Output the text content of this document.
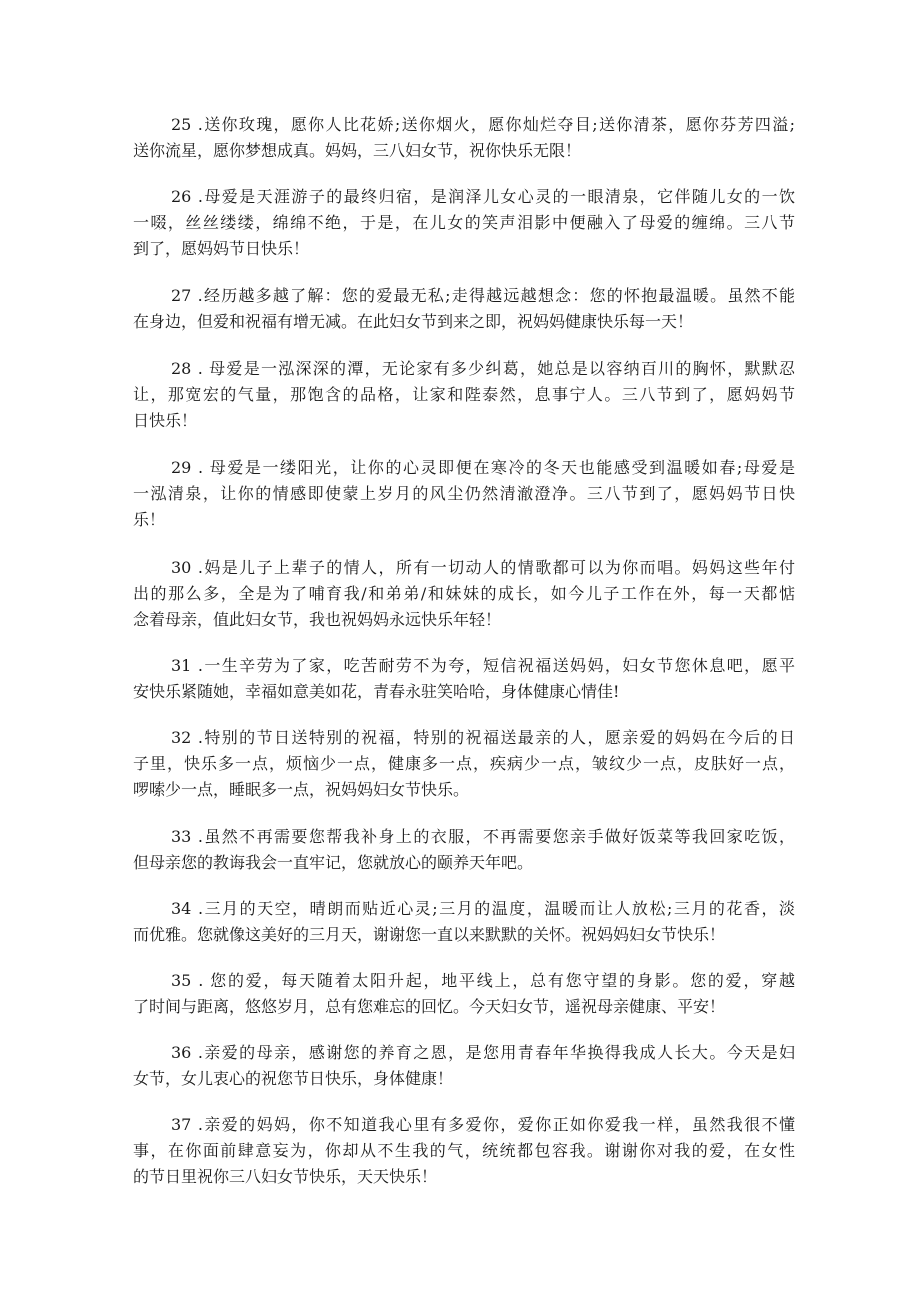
25 .送你玫瑰，愿你人比花娇;送你烟火，愿你灿烂夺目;送你清茶，愿你芬芳四溢;
送你流星，愿你梦想成真。妈妈，三八妇女节，祝你快乐无限！

26 .母爱是天涯游子的最终归宿，是润泽儿女心灵的一眼清泉，它伴随儿女的一饮
一啜，丝丝缕缕，绵绵不绝，于是，在儿女的笑声泪影中便融入了母爱的缠绵。三八节
到了，愿妈妈节日快乐！

27 .经历越多越了解：您的爱最无私;走得越远越想念：您的怀抱最温暖。虽然不能
在身边，但爱和祝福有增无减。在此妇女节到来之即，祝妈妈健康快乐每一天！

28 . 母爱是一泓深深的潭，无论家有多少纠葛，她总是以容纳百川的胸怀，默默忍
让，那宽宏的气量，那饱含的品格，让家和陛泰然，息事宁人。三八节到了，愿妈妈节
日快乐！

29 . 母爱是一缕阳光，让你的心灵即便在寒冷的冬天也能感受到温暖如春;母爱是
一泓清泉，让你的情感即使蒙上岁月的风尘仍然清澈澄净。三八节到了，愿妈妈节日快
乐！

30 .妈是儿子上辈子的情人，所有一切动人的情歌都可以为你而唱。妈妈这些年付
出的那么多，全是为了哺育我/和弟弟/和妹妹的成长，如今儿子工作在外，每一天都惦
念着母亲，值此妇女节，我也祝妈妈永远快乐年轻！

31 .一生辛劳为了家，吃苦耐劳不为夸，短信祝福送妈妈，妇女节您休息吧，愿平
安快乐紧随她，幸福如意美如花，青春永驻笑哈哈，身体健康心情佳!

32 .特别的节日送特别的祝福，特别的祝福送最亲的人，愿亲爱的妈妈在今后的日
子里，快乐多一点，烦恼少一点，健康多一点，疾病少一点，皱纹少一点，皮肤好一点，
啰嗦少一点，睡眠多一点，祝妈妈妇女节快乐。

33 .虽然不再需要您帮我补身上的衣服，不再需要您亲手做好饭菜等我回家吃饭，
但母亲您的教诲我会一直牢记，您就放心的颐养天年吧。

34 .三月的天空，晴朗而贴近心灵;三月的温度，温暖而让人放松;三月的花香，淡
而优雅。您就像这美好的三月天，谢谢您一直以来默默的关怀。祝妈妈妇女节快乐！

35 . 您的爱，每天随着太阳升起，地平线上，总有您守望的身影。您的爱，穿越
了时间与距离，悠悠岁月，总有您难忘的回忆。今天妇女节，遥祝母亲健康、平安！

36 .亲爱的母亲，感谢您的养育之恩，是您用青春年华换得我成人长大。今天是妇
女节，女儿衷心的祝您节日快乐，身体健康！

37 .亲爱的妈妈，你不知道我心里有多爱你，爱你正如你爱我一样，虽然我很不懂
事，在你面前肆意妄为，你却从不生我的气，统统都包容我。谢谢你对我的爱，在女性
的节日里祝你三八妇女节快乐，天天快乐！
